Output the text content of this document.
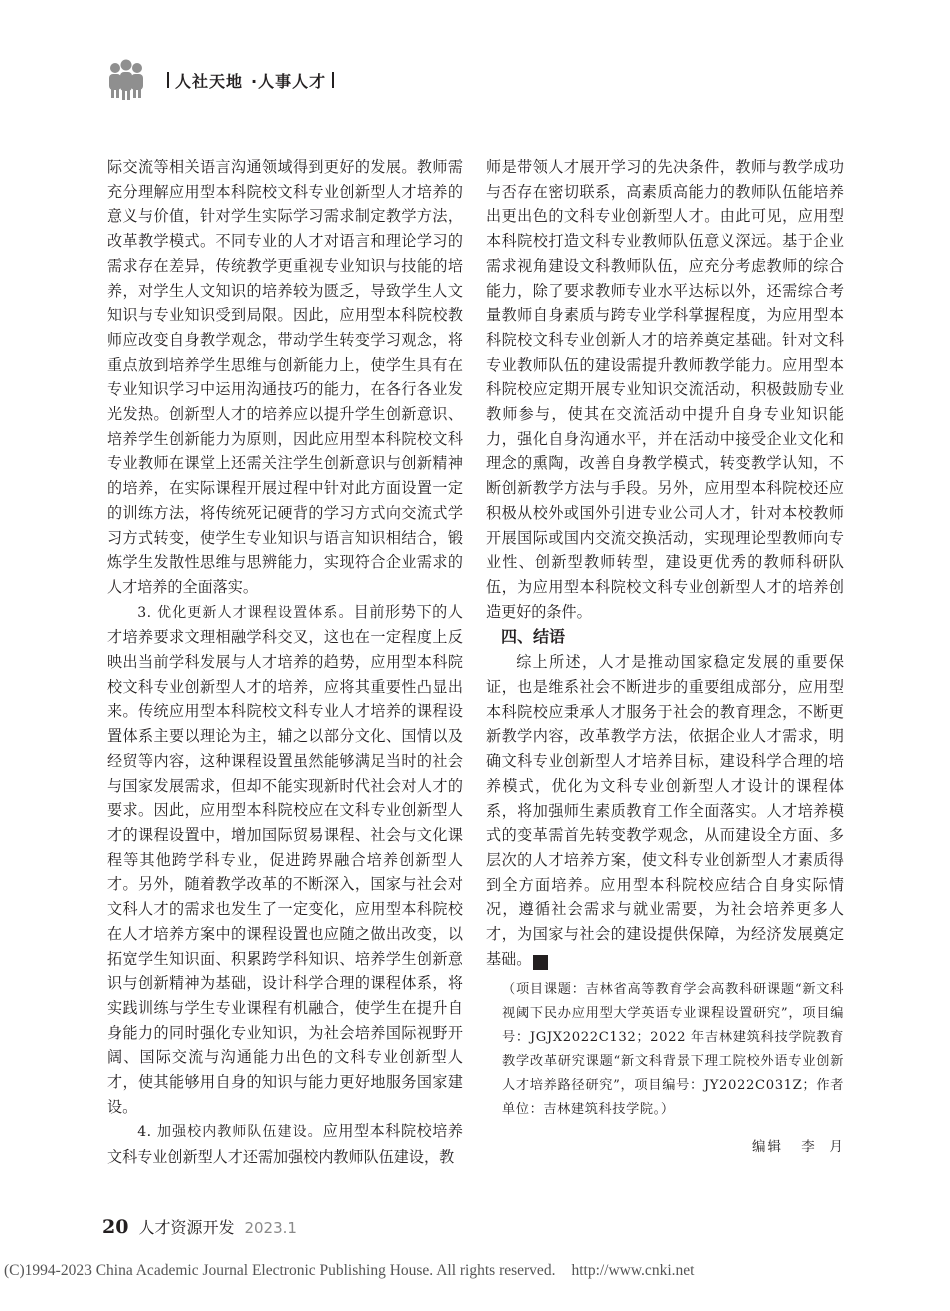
人社天地 ·人事人才

际交流等相关语言沟通领域得到更好的发展。教师需充分理解应用型本科院校文科专业创新型人才培养的意义与价值，针对学生实际学习需求制定教学方法，改革教学模式。不同专业的人才对语言和理论学习的需求存在差异，传统教学更重视专业知识与技能的培养，对学生人文知识的培养较为匮乏，导致学生人文知识与专业知识受到局限。因此，应用型本科院校教师应改变自身教学观念，带动学生转变学习观念，将重点放到培养学生思维与创新能力上，使学生具有在专业知识学习中运用沟通技巧的能力，在各行各业发光发热。创新型人才的培养应以提升学生创新意识、培养学生创新能力为原则，因此应用型本科院校文科专业教师在课堂上还需关注学生创新意识与创新精神的培养，在实际课程开展过程中针对此方面设置一定的训练方法，将传统死记硬背的学习方式向交流式学习方式转变，使学生专业知识与语言知识相结合，锻炼学生发散性思维与思辨能力，实现符合企业需求的人才培养的全面落实。

3. 优化更新人才课程设置体系。目前形势下的人才培养要求文理相融学科交叉，这也在一定程度上反映出当前学科发展与人才培养的趋势，应用型本科院校文科专业创新型人才的培养，应将其重要性凸显出来。传统应用型本科院校文科专业人才培养的课程设置体系主要以理论为主，辅之以部分文化、国情以及经贸等内容，这种课程设置虽然能够满足当时的社会与国家发展需求，但却不能实现新时代社会对人才的要求。因此，应用型本科院校应在文科专业创新型人才的课程设置中，增加国际贸易课程、社会与文化课程等其他跨学科专业，促进跨界融合培养创新型人才。另外，随着教学改革的不断深入，国家与社会对文科人才的需求也发生了一定变化，应用型本科院校在人才培养方案中的课程设置也应随之做出改变，以拓宽学生知识面、积累跨学科知识、培养学生创新意识与创新精神为基础，设计科学合理的课程体系，将实践训练与学生专业课程有机融合，使学生在提升自身能力的同时强化专业知识，为社会培养国际视野开阔、国际交流与沟通能力出色的文科专业创新型人才，使其能够用自身的知识与能力更好地服务国家建设。

4. 加强校内教师队伍建设。应用型本科院校培养文科专业创新型人才还需加强校内教师队伍建设，教

师是带领人才展开学习的先决条件，教师与教学成功与否存在密切联系，高素质高能力的教师队伍能培养出更出色的文科专业创新型人才。由此可见，应用型本科院校打造文科专业教师队伍意义深远。基于企业需求视角建设文科教师队伍，应充分考虑教师的综合能力，除了要求教师专业水平达标以外，还需综合考量教师自身素质与跨专业学科掌握程度，为应用型本科院校文科专业创新人才的培养奠定基础。针对文科专业教师队伍的建设需提升教师教学能力。应用型本科院校应定期开展专业知识交流活动，积极鼓励专业教师参与，使其在交流活动中提升自身专业知识能力，强化自身沟通水平，并在活动中接受企业文化和理念的熏陶，改善自身教学模式，转变教学认知，不断创新教学方法与手段。另外，应用型本科院校还应积极从校外或国外引进专业公司人才，针对本校教师开展国际或国内交流交换活动，实现理论型教师向专业性、创新型教师转型，建设更优秀的教师科研队伍，为应用型本科院校文科专业创新型人才的培养创造更好的条件。

四、结语

综上所述，人才是推动国家稳定发展的重要保证，也是维系社会不断进步的重要组成部分，应用型本科院校应秉承人才服务于社会的教育理念，不断更新教学内容，改革教学方法，依据企业人才需求，明确文科专业创新型人才培养目标，建设科学合理的培养模式，优化为文科专业创新型人才设计的课程体系，将加强师生素质教育工作全面落实。人才培养模式的变革需首先转变教学观念，从而建设全方面、多层次的人才培养方案，使文科专业创新型人才素质得到全方面培养。应用型本科院校应结合自身实际情况，遵循社会需求与就业需要，为社会培养更多人才，为国家与社会的建设提供保障，为经济发展奠定基础。	R

（项目课题：吉林省高等教育学会高教科研课题“新文科视阈下民办应用型大学英语专业课程设置研究”，项目编号：JGJX2022C132；2022 年吉林建筑科技学院教育教学改革研究课题“新文科背景下理工院校外语专业创新人才培养路径研究”，项目编号：JY2022C031Z；作者单位：吉林建筑科技学院。）
编辑 李  月
20 人才资源开发 2023.1
(C)1994-2023 China Academic Journal Electronic Publishing House. All rights reserved. http://www.cnki.net
